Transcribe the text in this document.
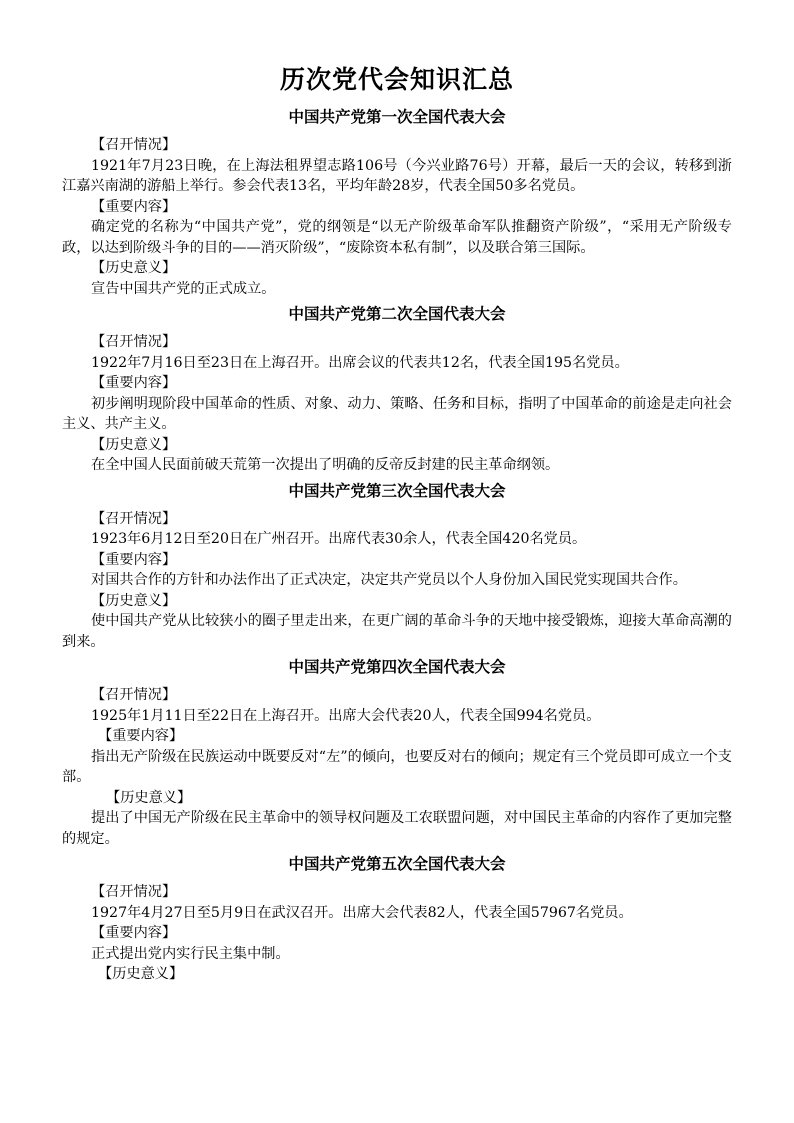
历次党代会知识汇总
中国共产党第一次全国代表大会

【召开情况】

1921年7月23日晚，在上海法租界望志路106号（今兴业路76号）开幕，最后一天的会议，转移到浙江嘉兴南湖的游船上举行。参会代表13名，平均年龄28岁，代表全国50多名党员。

【重要内容】

确定党的名称为“中国共产党”，党的纲领是“以无产阶级革命军队推翻资产阶级”，“采用无产阶级专政，以达到阶级斗争的目的——消灭阶级”，“废除资本私有制”，以及联合第三国际。

【历史意义】

宣告中国共产党的正式成立。

中国共产党第二次全国代表大会

【召开情况】

1922年7月16日至23日在上海召开。出席会议的代表共12名，代表全国195名党员。

【重要内容】

初步阐明现阶段中国革命的性质、对象、动力、策略、任务和目标，指明了中国革命的前途是走向社会主义、共产主义。

【历史意义】

在全中国人民面前破天荒第一次提出了明确的反帝反封建的民主革命纲领。

中国共产党第三次全国代表大会

【召开情况】

1923年6月12日至20日在广州召开。出席代表30余人，代表全国420名党员。

【重要内容】

对国共合作的方针和办法作出了正式决定，决定共产党员以个人身份加入国民党实现国共合作。

【历史意义】

使中国共产党从比较狭小的圈子里走出来，在更广阔的革命斗争的天地中接受锻炼，迎接大革命高潮的到来。

中国共产党第四次全国代表大会

【召开情况】

1925年1月11日至22日在上海召开。出席大会代表20人，代表全国994名党员。

【重要内容】

指出无产阶级在民族运动中既要反对“左”的倾向，也要反对右的倾向；规定有三个党员即可成立一个支部。

【历史意义】

提出了中国无产阶级在民主革命中的领导权问题及工农联盟问题，对中国民主革命的内容作了更加完整的规定。

中国共产党第五次全国代表大会

【召开情况】

1927年4月27日至5月9日在武汉召开。出席大会代表82人，代表全国57967名党员。

【重要内容】

正式提出党内实行民主集中制。

【历史意义】
